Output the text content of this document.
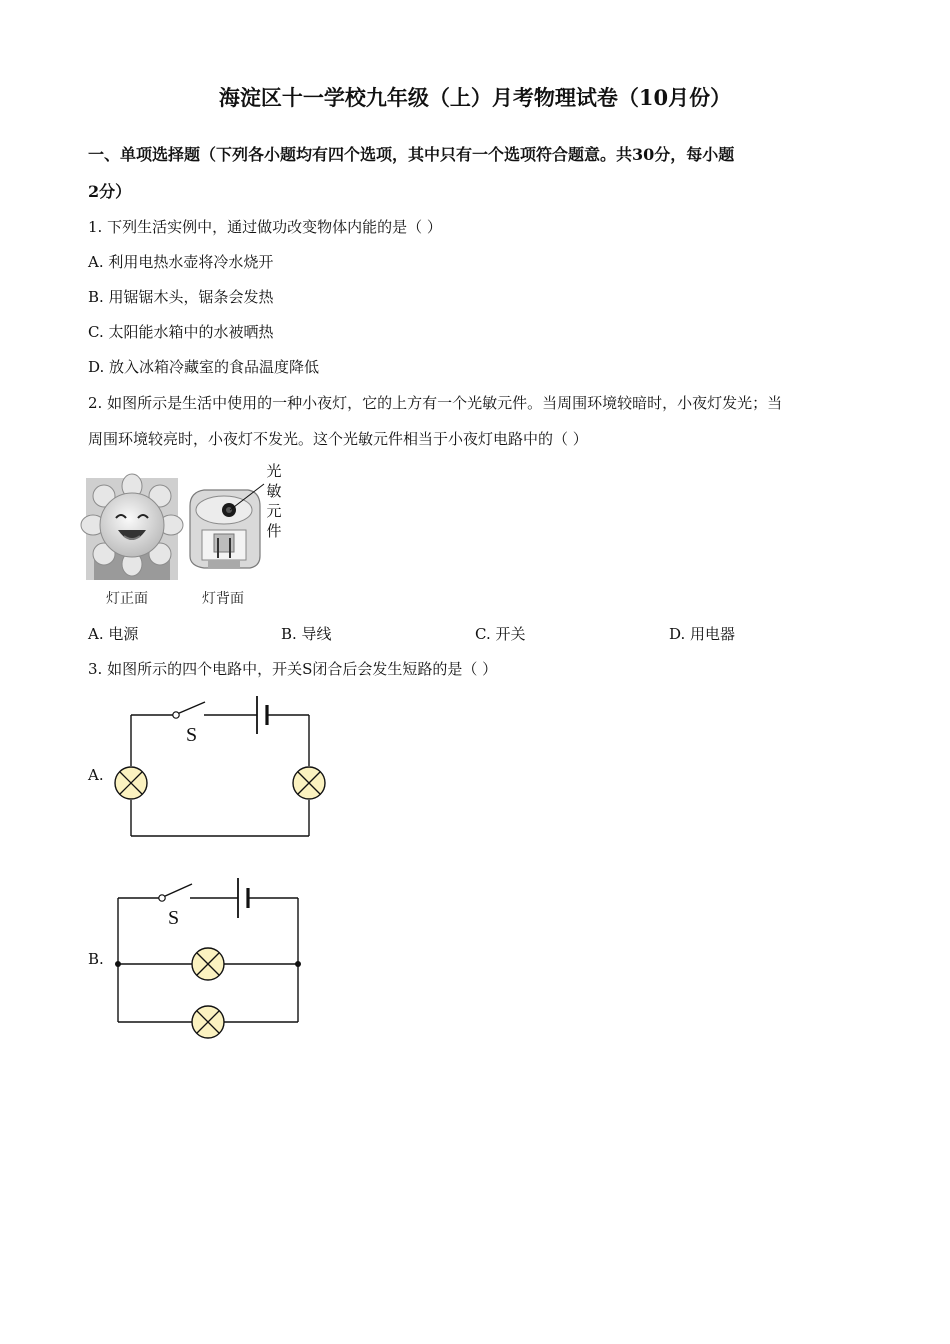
海淀区十一学校九年级（上）月考物理试卷（10月份）
一、单项选择题（下列各小题均有四个选项，其中只有一个选项符合题意。共30分，每小题
2分）
1. 下列生活实例中，通过做功改变物体内能的是（ ）
A. 利用电热水壶将冷水烧开
B. 用锯锯木头，锯条会发热
C. 太阳能水箱中的水被晒热
D. 放入冰箱冷藏室的食品温度降低
2. 如图所示是生活中使用的一种小夜灯，它的上方有一个光敏元件。当周围环境较暗时，小夜灯发光；当
周围环境较亮时，小夜灯不发光。这个光敏元件相当于小夜灯电路中的（ ）
光
敏
元
件
灯正面	灯背面
A. 电源	B. 导线	C. 开关	D. 用电器
3. 如图所示的四个电路中，开关S闭合后会发生短路的是（ ）
A.
S
B.
S
